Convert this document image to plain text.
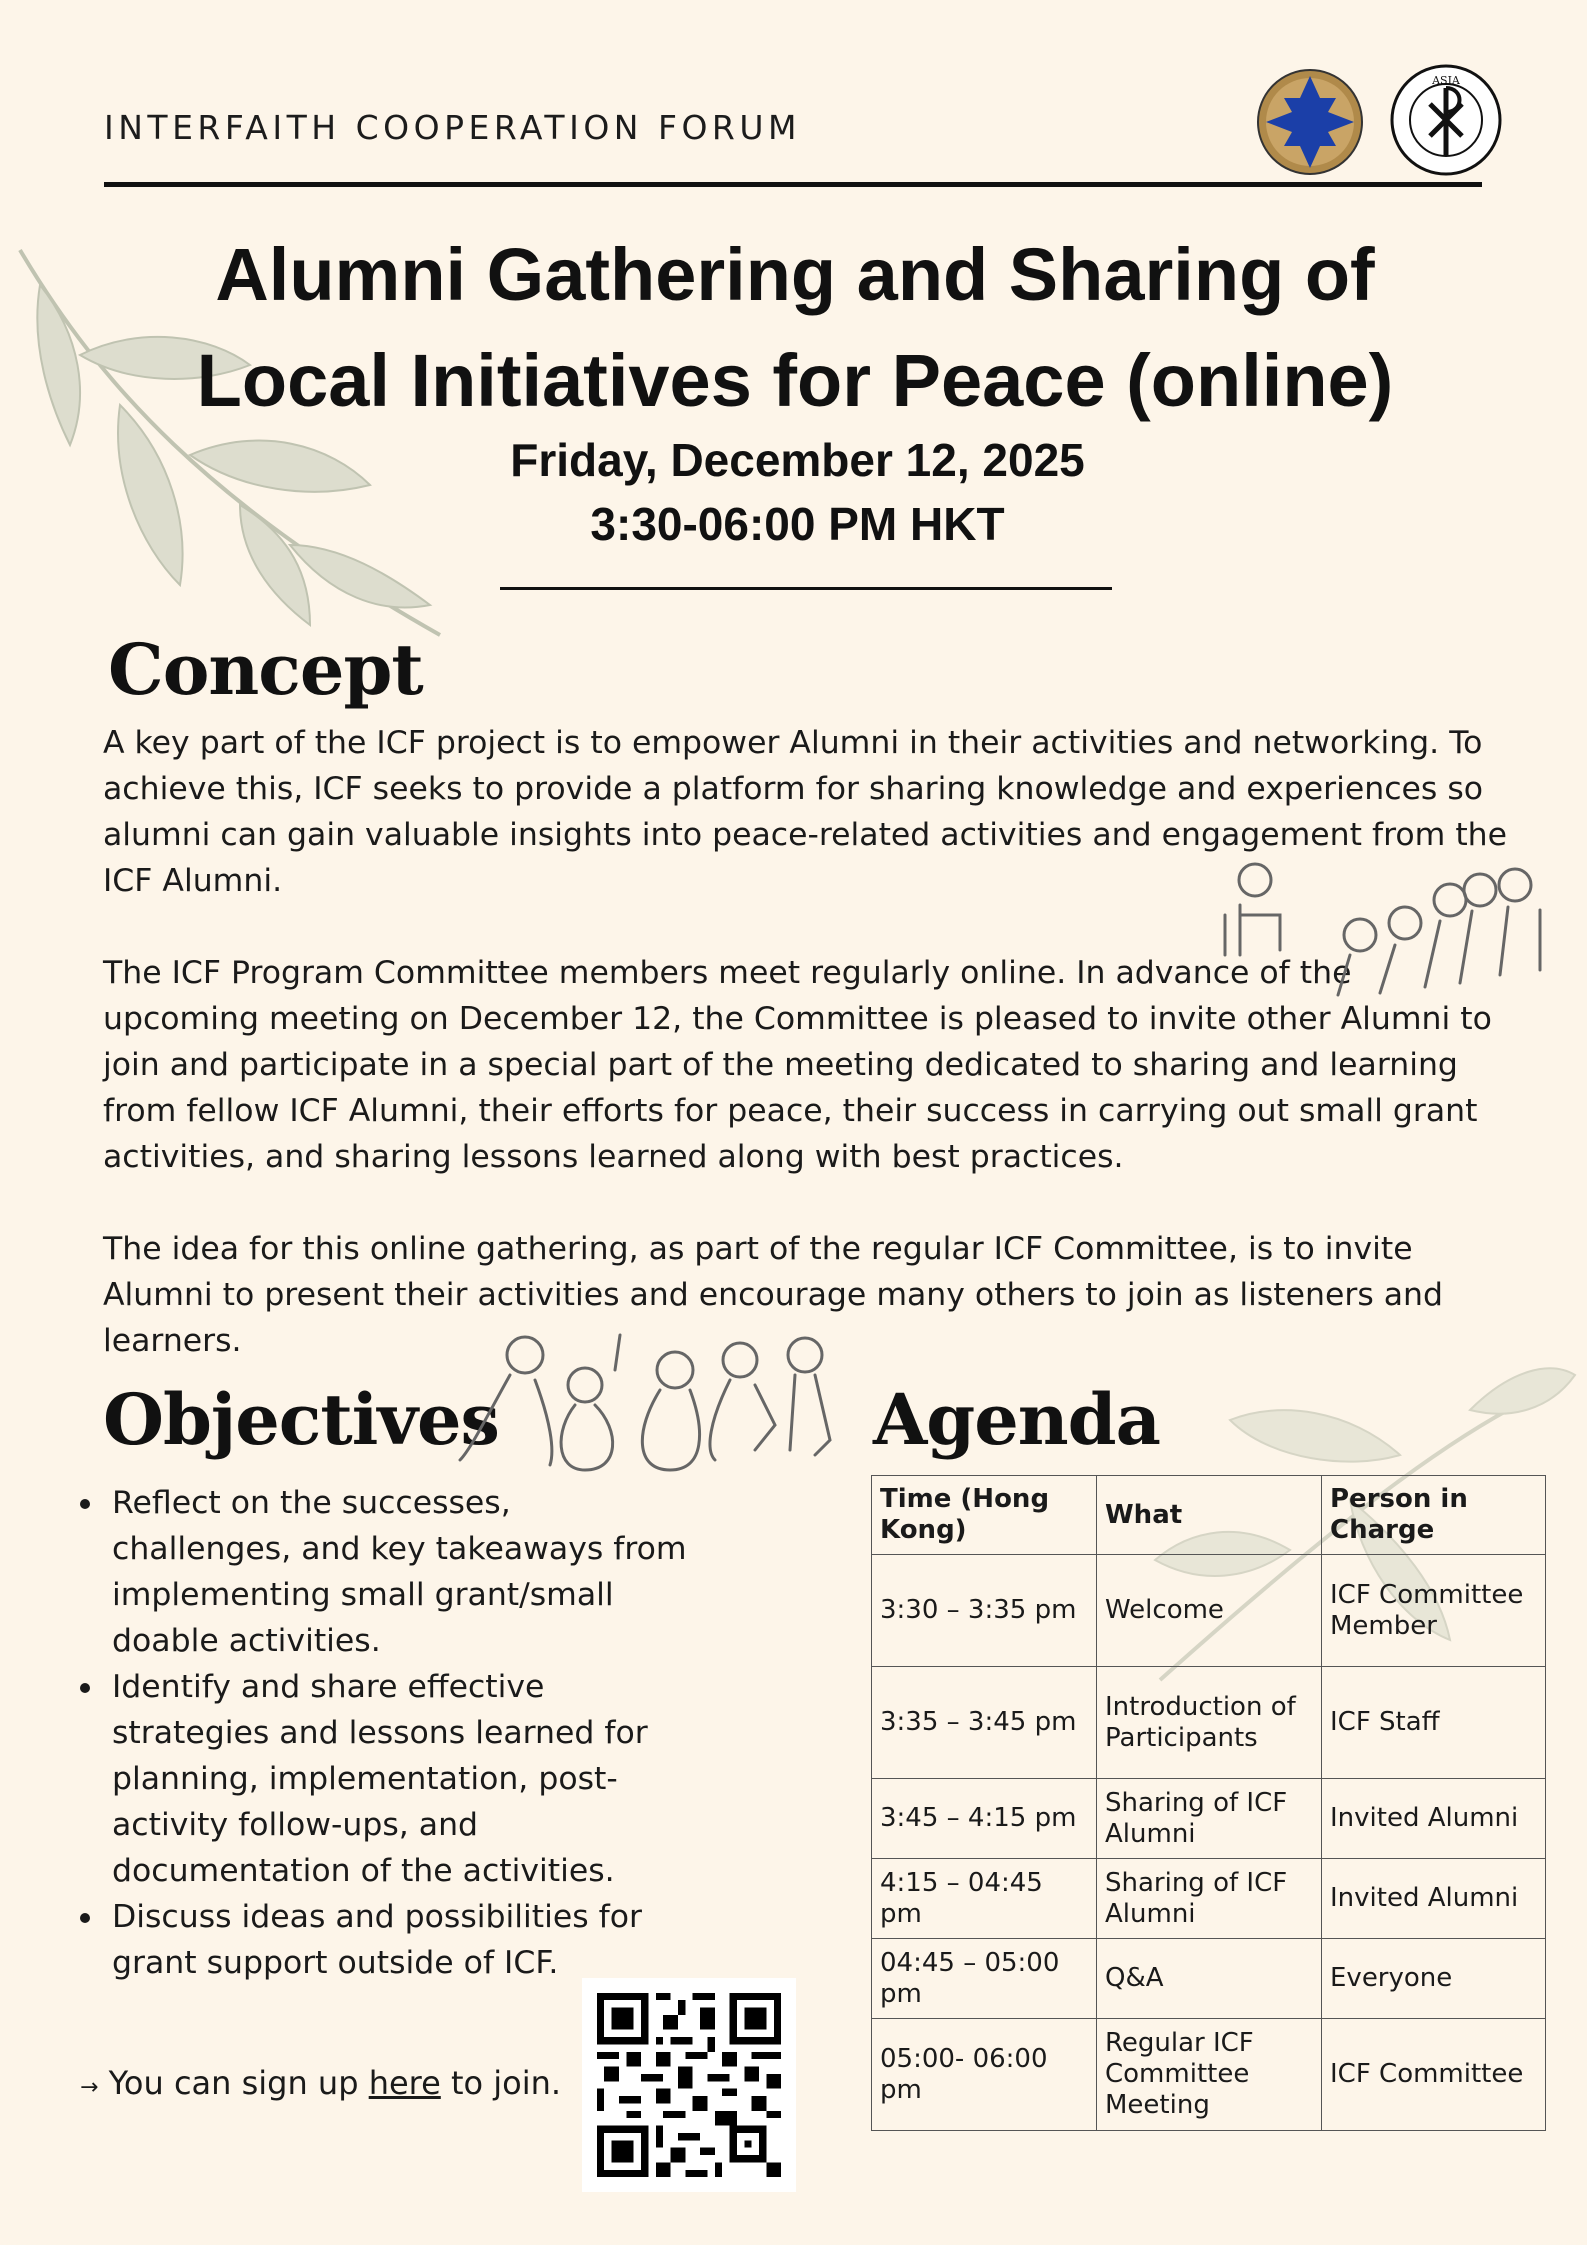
INTERFAITH COOPERATION FORUM
ASIA
Alumni Gathering and Sharing of
Local Initiatives for Peace (online)
Friday, December 12, 2025
3:30-06:00 PM HKT
Concept

A key part of the ICF project is to empower Alumni in their activities and networking. To achieve this, ICF seeks to provide a platform for sharing knowledge and experiences so alumni can gain valuable insights into peace-related activities and engagement from the ICF Alumni.

The ICF Program Committee members meet regularly online. In advance of the upcoming meeting on December 12, the Committee is pleased to invite other Alumni to join and participate in a special part of the meeting dedicated to sharing and learning from fellow ICF Alumni, their efforts for peace, their success in carrying out small grant activities, and sharing lessons learned along with best practices.

The idea for this online gathering, as part of the regular ICF Committee, is to invite Alumni to present their activities and encourage many others to join as listeners and learners.

Objectives
Reflect on the successes, challenges, and key takeaways from implementing small grant/small doable activities.
Identify and share effective strategies and lessons learned for planning, implementation, post-activity follow-ups, and documentation of the activities.
Discuss ideas and possibilities for grant support outside of ICF.
→ You can sign up here to join.
Agenda
Time (Hong Kong)	What	Person in Charge
3:30 – 3:35 pm	Welcome	ICF Committee Member
3:35 – 3:45 pm	Introduction of Participants	ICF Staff
3:45 – 4:15 pm	Sharing of ICF Alumni	Invited Alumni
4:15 – 04:45 pm	Sharing of ICF Alumni	Invited Alumni
04:45 – 05:00 pm	Q&A	Everyone
05:00- 06:00 pm	Regular ICF Committee Meeting	ICF Committee
